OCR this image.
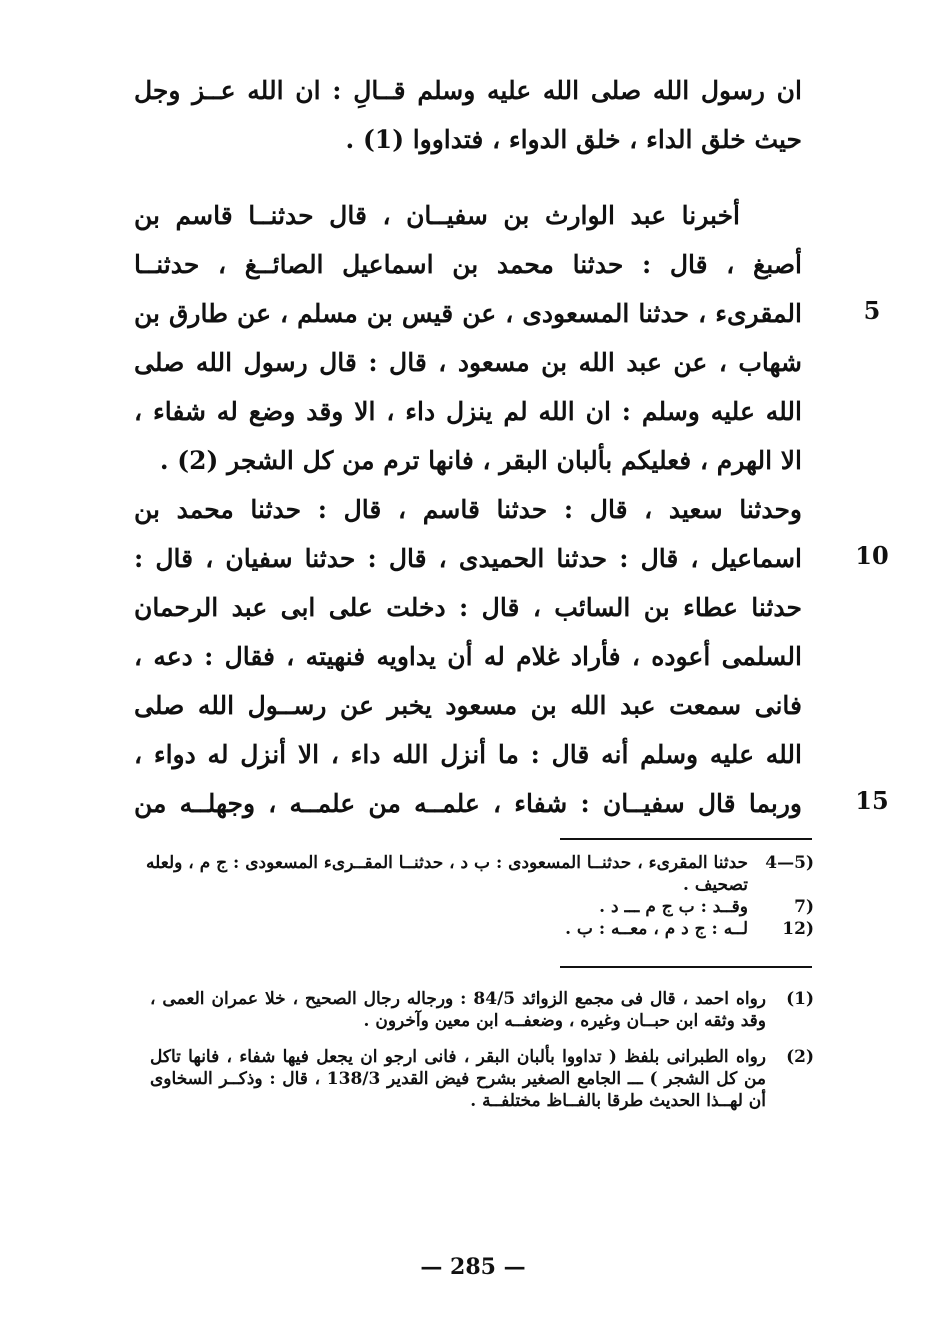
ان رسول الله صلى الله عليه وسلم قــالِ : ان الله عــز وجل
حيث خلق الداء ، خلق الدواء ، فتداووا (1) .
أخبرنا عبد الوارث بن سفيــان ، قال حدثنــا قاسم بن
أصبغ ، قال : حدثنا محمد بن اسماعيل الصائــغ ، حدثنــا
المقرىء ، حدثنا المسعودى ، عن قيس بن مسلم ، عن طارق بن
شهاب ، عن عبد الله بن مسعود ، قال : قال رسول الله صلى
الله عليه وسلم : ان الله لم ينزل داء ، الا وقد وضع له شفاء ،
الا الهرم ، فعليكم بألبان البقر ، فانها ترم من كل الشجر (2) .
وحدثنا سعيد ، قال : حدثنا قاسم ، قال : حدثنا محمد بن
اسماعيل ، قال : حدثنا الحميدى ، قال : حدثنا سفيان ، قال :
حدثنا عطاء بن السائب ، قال : دخلت على ابى عبد الرحمان
السلمى أعوده ، فأراد غلام له أن يداويه فنهيته ، فقال : دعه ،
فانى سمعت عبد الله بن مسعود يخبر عن رســول الله صلى
الله عليه وسلم أنه قال : ما أنزل الله داء ، الا أنزل له دواء ،
وربما قال سفيــان : شفاء ، علمــه من علمــه ، وجهلــه من
5
10
15
4—5)
حدثنا المقرىء ، حدثنــا المسعودى : ب د ، حدثنــا المقــرىء المسعودى : ج م ، ولعله تصحيف .
7)
وقــد : ب ج م ـــ د .
12)
لــه : ج د م ، معــه : ب .
(1)
رواه احمد ، قال فى مجمع الزوائد 84/5 : ورجاله رجال الصحيح ، خلا عمران العمى ، وقد وثقه ابن حبــان وغيره ، وضعفــه ابن معين وآخرون .
(2)
رواه الطبرانى بلفظ ( تداووا بألبان البقر ، فانى ارجو ان يجعل فيها شفاء ، فانها تاكل من كل الشجر ) ـــ الجامع الصغير بشرح فيض القدير 138/3 ، قال : وذكــر السخاوى أن لهــذا الحديث طرقا بالفــاظ مختلفــة .
— 285 —
